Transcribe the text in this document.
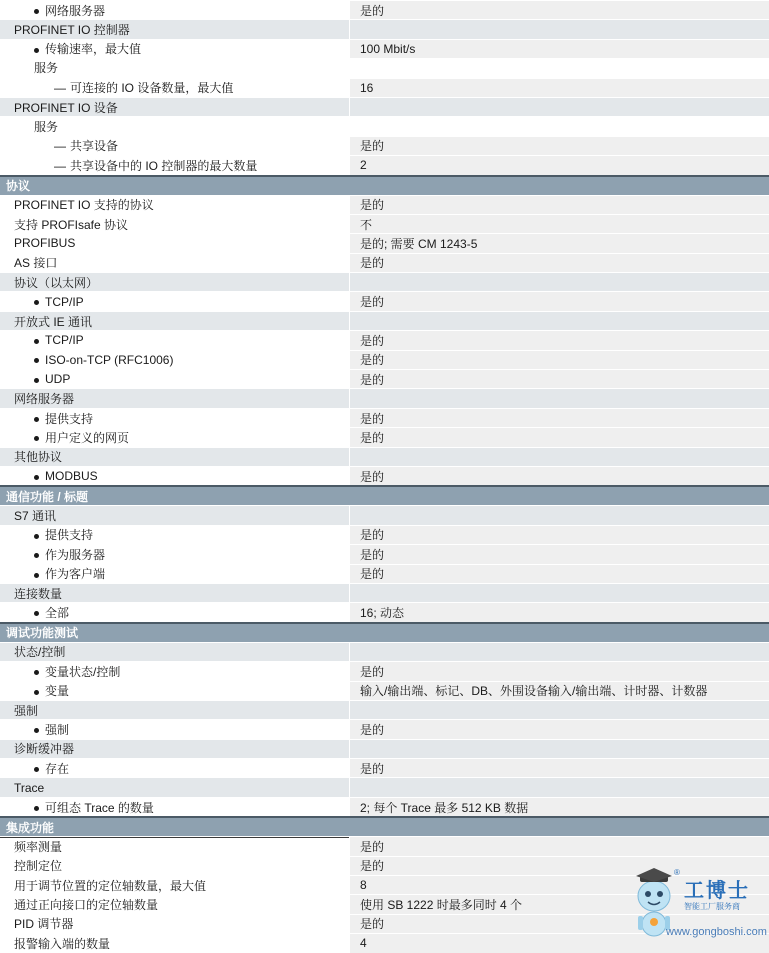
网络服务器	是的
PROFINET IO 控制器
传输速率，最大值	100 Mbit/s
服务
— 可连接的 IO 设备数量，最大值	16
PROFINET IO 设备
服务
— 共享设备	是的
— 共享设备中的 IO 控制器的最大数量	2
协议
PROFINET IO 支持的协议	是的
支持 PROFIsafe 协议	不
PROFIBUS	是的; 需要 CM 1243-5
AS 接口	是的
协议（以太网）
TCP/IP	是的
开放式 IE 通讯
TCP/IP	是的
ISO-on-TCP (RFC1006)	是的
UDP	是的
网络服务器
提供支持	是的
用户定义的网页	是的
其他协议
MODBUS	是的
通信功能 / 标题
S7 通讯
提供支持	是的
作为服务器	是的
作为客户端	是的
连接数量
全部	16; 动态
调试功能测试
状态/控制
变量状态/控制	是的
变量	输入/输出端、标记、DB、外围设备输入/输出端、计时器、计数器
强制
强制	是的
诊断缓冲器
存在	是的
Trace
可组态 Trace 的数量	2; 每个 Trace 最多 512 KB 数据
集成功能
频率测量	是的
控制定位	是的
用于调节位置的定位轴数量，最大值	8
通过正向接口的定位轴数量	使用 SB 1222 时最多同时 4 个
PID 调节器	是的
报警输入端的数量	4
®
工博士
智能工厂服务商
www.gongboshi.com
